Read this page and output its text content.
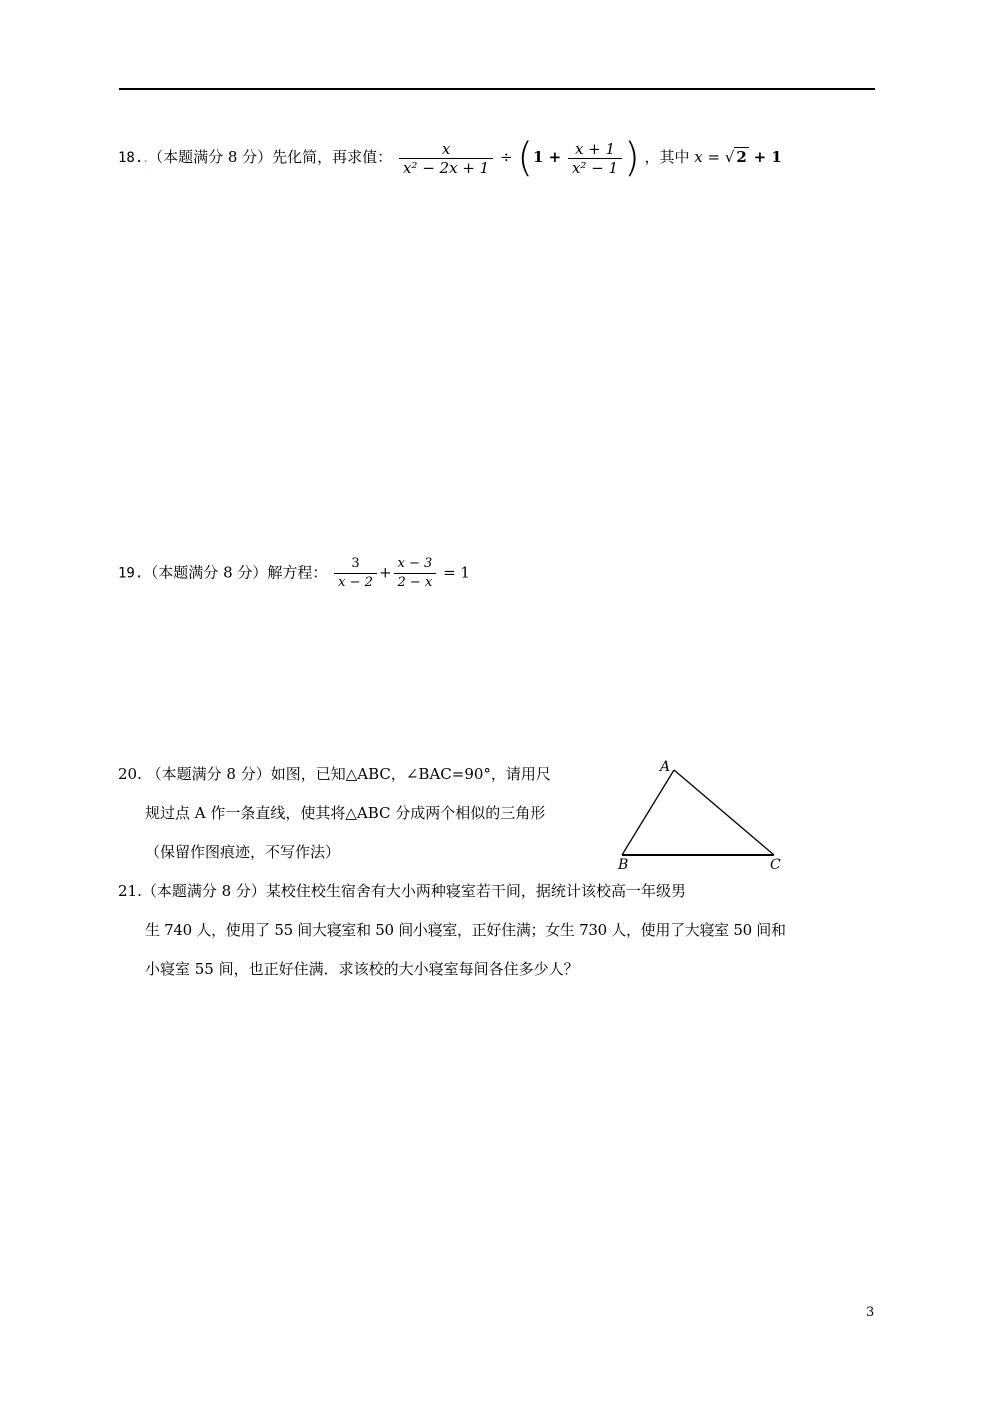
18..（本题满分 8 分）先化简，再求值： $\frac{x}{\text{x² − 2x + 1}} \div (1 + \frac{x + 1}{\text{x² − 1}}$ ) ，其中 x = √ 2 + 1
19.（本题满分 8 分）解方程： $\frac{3}{x - 2} + \frac{x - 3}{2 - x} = 1$
20. （本题满分 8 分）如图，已知△ABC，∠BAC=90°，请用尺
规过点 A 作一条直线，使其将△ABC 分成两个相似的三角形
（保留作图痕迹，不写作法）
A
B	C
21.（本题满分 8 分）某校住校生宿舍有大小两种寝室若干间，据统计该校高一年级男
生 740 人，使用了 55 间大寝室和 50 间小寝室，正好住满；女生 730 人，使用了大寝室 50 间和
小寝室 55 间，也正好住满．求该校的大小寝室每间各住多少人？
3
